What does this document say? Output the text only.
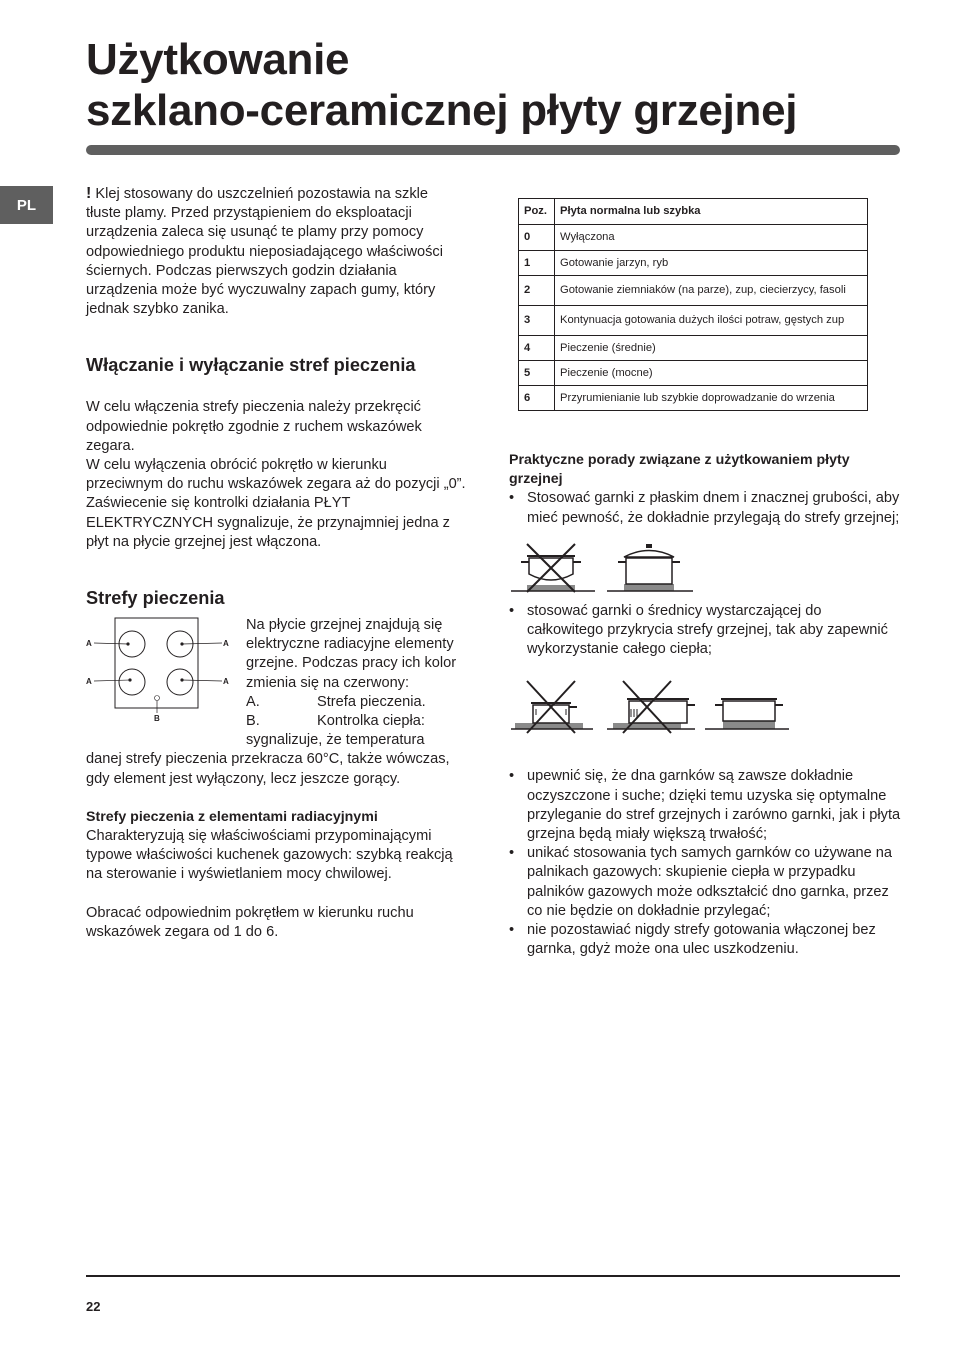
Użytkowanie
szklano-ceramicznej płyty grzejnej
PL

! Klej stosowany do uszczelnień pozostawia na szkle tłuste plamy. Przed przystąpieniem do eksploatacji urządzenia zaleca się usunąć te plamy przy pomocy odpowiedniego produktu nieposiadającego właściwości ściernych. Podczas pierwszych godzin działania urządzenia może być wyczuwalny zapach gumy, który jednak szybko zanika.

Włączanie i wyłączanie stref pieczenia

W celu włączenia strefy pieczenia należy przekręcić odpowiednie pokrętło zgodnie z ruchem wskazówek zegara.

W celu wyłączenia obrócić pokrętło w kierunku przeciwnym do ruchu wskazówek zegara aż do pozycji „0”.

Zaświecenie się kontrolki działania PŁYT ELEKTRYCZNYCH sygnalizuje, że przynajmniej jedna z płyt na płycie grzejnej jest włączona.

Strefy pieczenia
A	A
A	A
B

Na płycie grzejnej znajdują się elektryczne radiacyjne elementy grzejne. Podczas pracy ich kolor zmienia się na czerwony:

A.	Strefa pieczenia.

B.	Kontrolka ciepła:

sygnalizuje, że temperatura

danej strefy pieczenia przekracza 60°C, także wówczas, gdy element jest wyłączony, lecz jeszcze gorący.

Strefy pieczenia z elementami radiacyjnymi

Charakteryzują się właściwościami przypominającymi typowe właściwości kuchenek gazowych: szybką reakcją na sterowanie i wyświetlaniem mocy chwilowej.

Obracać odpowiednim pokrętłem w kierunku ruchu wskazówek zegara od 1 do 6.

Poz.	Płyta normalna lub szybka
0	Wyłączona
1	Gotowanie jarzyn, ryb
2	Gotowanie ziemniaków (na parze), zup, ciecierzycy, fasoli
3	Kontynuacja gotowania dużych ilości potraw, gęstych zup
4	Pieczenie (średnie)
5	Pieczenie (mocne)
6	Przyrumienianie lub szybkie doprowadzanie do wrzenia
Praktyczne porady związane z użytkowaniem płyty grzejnej
• Stosować garnki z płaskim dnem i znacznej grubości, aby mieć pewność, że dokładnie przylegają do strefy grzejnej;
• stosować garnki o średnicy wystarczającej do całkowitego przykrycia strefy grzejnej, tak aby zapewnić wykorzystanie całego ciepła;
• upewnić się, że dna garnków są zawsze dokładnie oczyszczone i suche; dzięki temu uzyska się optymalne przyleganie do stref grzejnych i zarówno garnki, jak i płyta grzejna będą miały większą trwałość;
• unikać stosowania tych samych garnków co używane na palnikach gazowych: skupienie ciepła w przypadku palników gazowych może odkształcić dno garnka, przez co nie będzie on dokładnie przylegać;
• nie pozostawiać nigdy strefy gotowania włączonej bez garnka, gdyż może ona ulec uszkodzeniu.
22
